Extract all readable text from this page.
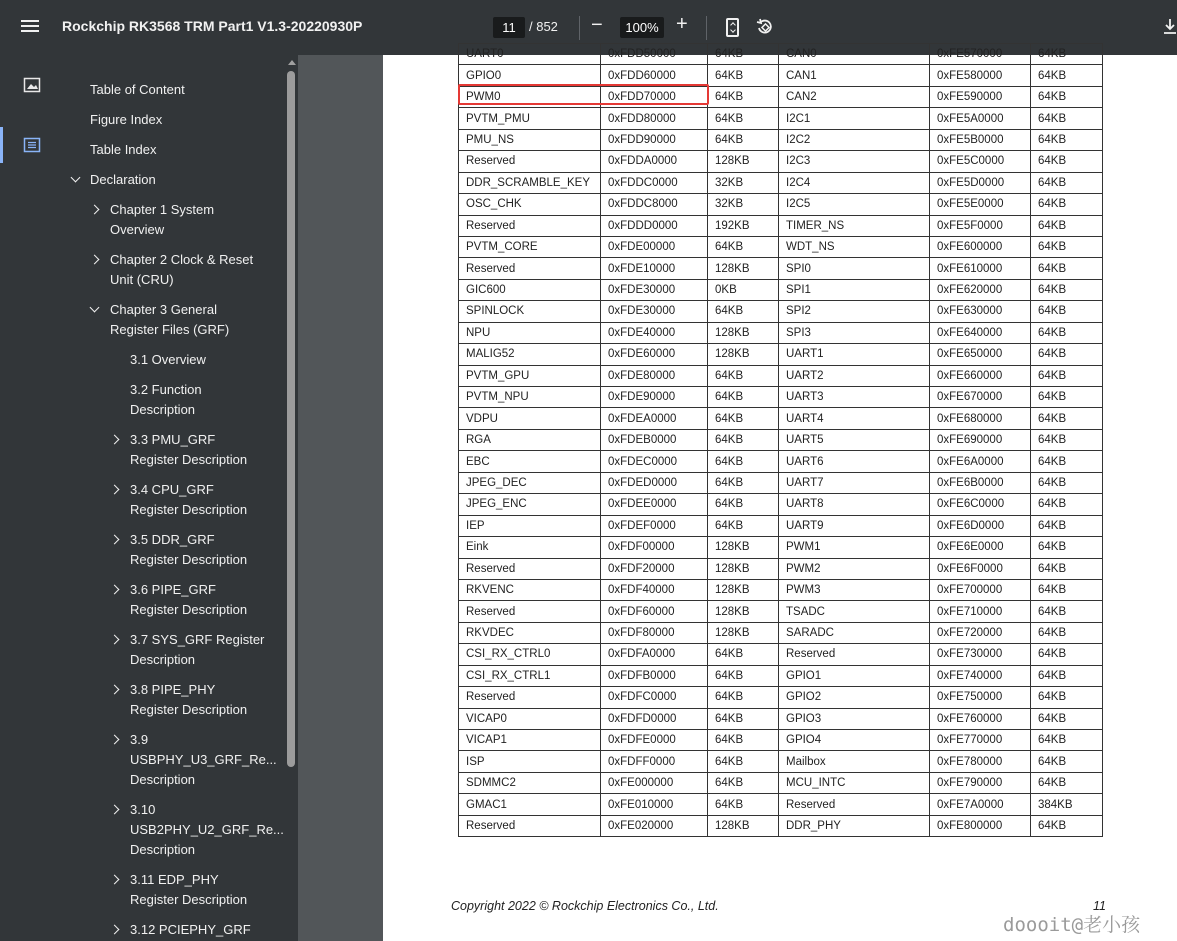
Rockchip RK3568 TRM Part1 V1.3-20220930P	11	/ 852 −	100% +
Table of Content
Figure Index
Table Index
Declaration
Chapter 1 System Overview
Chapter 2 Clock & Reset Unit (CRU)
Chapter 3 General Register Files (GRF)
3.1 Overview
3.2 Function Description
3.3 PMU_GRF Register Description
3.4 CPU_GRF Register Description
3.5 DDR_GRF Register Description
3.6 PIPE_GRF Register Description
3.7 SYS_GRF Register Description
3.8 PIPE_PHY Register Description
3.9 USBPHY_U3_GRF_Re... Description
3.10 USB2PHY_U2_GRF_Re... Description
3.11 EDP_PHY Register Description
3.12 PCIEPHY_GRF
UART0	0xFDD50000	64KB	CAN0	0xFE570000	64KB
GPIO0	0xFDD60000	64KB	CAN1	0xFE580000	64KB
PWM0	0xFDD70000	64KB	CAN2	0xFE590000	64KB
PVTM_PMU	0xFDD80000	64KB	I2C1	0xFE5A0000	64KB
PMU_NS	0xFDD90000	64KB	I2C2	0xFE5B0000	64KB
Reserved	0xFDDA0000	128KB	I2C3	0xFE5C0000	64KB
DDR_SCRAMBLE_KEY	0xFDDC0000	32KB	I2C4	0xFE5D0000	64KB
OSC_CHK	0xFDDC8000	32KB	I2C5	0xFE5E0000	64KB
Reserved	0xFDDD0000	192KB	TIMER_NS	0xFE5F0000	64KB
PVTM_CORE	0xFDE00000	64KB	WDT_NS	0xFE600000	64KB
Reserved	0xFDE10000	128KB	SPI0	0xFE610000	64KB
GIC600	0xFDE30000	0KB	SPI1	0xFE620000	64KB
SPINLOCK	0xFDE30000	64KB	SPI2	0xFE630000	64KB
NPU	0xFDE40000	128KB	SPI3	0xFE640000	64KB
MALIG52	0xFDE60000	128KB	UART1	0xFE650000	64KB
PVTM_GPU	0xFDE80000	64KB	UART2	0xFE660000	64KB
PVTM_NPU	0xFDE90000	64KB	UART3	0xFE670000	64KB
VDPU	0xFDEA0000	64KB	UART4	0xFE680000	64KB
RGA	0xFDEB0000	64KB	UART5	0xFE690000	64KB
EBC	0xFDEC0000	64KB	UART6	0xFE6A0000	64KB
JPEG_DEC	0xFDED0000	64KB	UART7	0xFE6B0000	64KB
JPEG_ENC	0xFDEE0000	64KB	UART8	0xFE6C0000	64KB
IEP	0xFDEF0000	64KB	UART9	0xFE6D0000	64KB
Eink	0xFDF00000	128KB	PWM1	0xFE6E0000	64KB
Reserved	0xFDF20000	128KB	PWM2	0xFE6F0000	64KB
RKVENC	0xFDF40000	128KB	PWM3	0xFE700000	64KB
Reserved	0xFDF60000	128KB	TSADC	0xFE710000	64KB
RKVDEC	0xFDF80000	128KB	SARADC	0xFE720000	64KB
CSI_RX_CTRL0	0xFDFA0000	64KB	Reserved	0xFE730000	64KB
CSI_RX_CTRL1	0xFDFB0000	64KB	GPIO1	0xFE740000	64KB
Reserved	0xFDFC0000	64KB	GPIO2	0xFE750000	64KB
VICAP0	0xFDFD0000	64KB	GPIO3	0xFE760000	64KB
VICAP1	0xFDFE0000	64KB	GPIO4	0xFE770000	64KB
ISP	0xFDFF0000	64KB	Mailbox	0xFE780000	64KB
SDMMC2	0xFE000000	64KB	MCU_INTC	0xFE790000	64KB
GMAC1	0xFE010000	64KB	Reserved	0xFE7A0000	384KB
Reserved	0xFE020000	128KB	DDR_PHY	0xFE800000	64KB
Copyright 2022 © Rockchip Electronics Co., Ltd.	11
doooit@老小孩
